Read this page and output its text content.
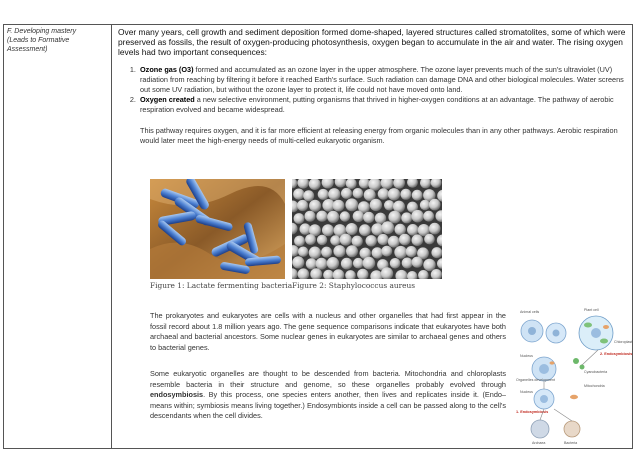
F. Developing mastery
(Leads to Formative
Assessment)

Over many years, cell growth and sediment deposition formed dome-shaped, layered structures called stromatolites, some of which were preserved as fossils, the result of oxygen-producing photosynthesis, oxygen began to accumulate in the air and water. The rising oxygen levels had two important consequences:

1. Ozone gas (O3) formed and accumulated as an ozone layer in the upper atmosphere. The ozone layer prevents much of the sun's ultraviolet (UV) radiation from reaching by filtering it before it reached Earth's surface. Such radiation can damage DNA and other biological molecules. Water screens out some UV radiation, but without the ozone layer to protect it, life could not have moved onto land.
2. Oxygen created a new selective environment, putting organisms that thrived in higher-oxygen conditions at an advantage. The pathway of aerobic respiration evolved and became widespread.

This pathway requires oxygen, and it is far more efficient at releasing energy from organic molecules than in any other pathways. Aerobic respiration would later meet the high-energy needs of multi-celled eukaryotic organism.

Figure 1: Lactate fermenting bacteria Figure 2: Staphylococcus aureus

The prokaryotes and eukaryotes are cells with a nucleus and other organelles that had first appear in the fossil record about 1.8 million years ago. The gene sequence comparisons indicate that eukaryotes have both archaeal and bacterial ancestors. Some nuclear genes in eukaryotes are similar to archaeal genes and others to bacterial genes.

Some eukaryotic organelles are thought to be descended from bacteria. Mitochondria and chloroplasts resemble bacteria in their structure and genome, so these organelles probably evolved through endosymbiosis. By this process, one species enters another, then lives and replicates inside it. (Endo– means within; symbiosis means living together.) Endosymbionts inside a cell can be passed along to the cell's descendants when the cell divides.

Plant cell
Animal cells
Chloroplast
2. Endosymbiosis
Nucleus
Cyanobacteria
Organelles development
Mitochondria
Nucleus
1. Endosymbiosis
Archaea	Bacteria
